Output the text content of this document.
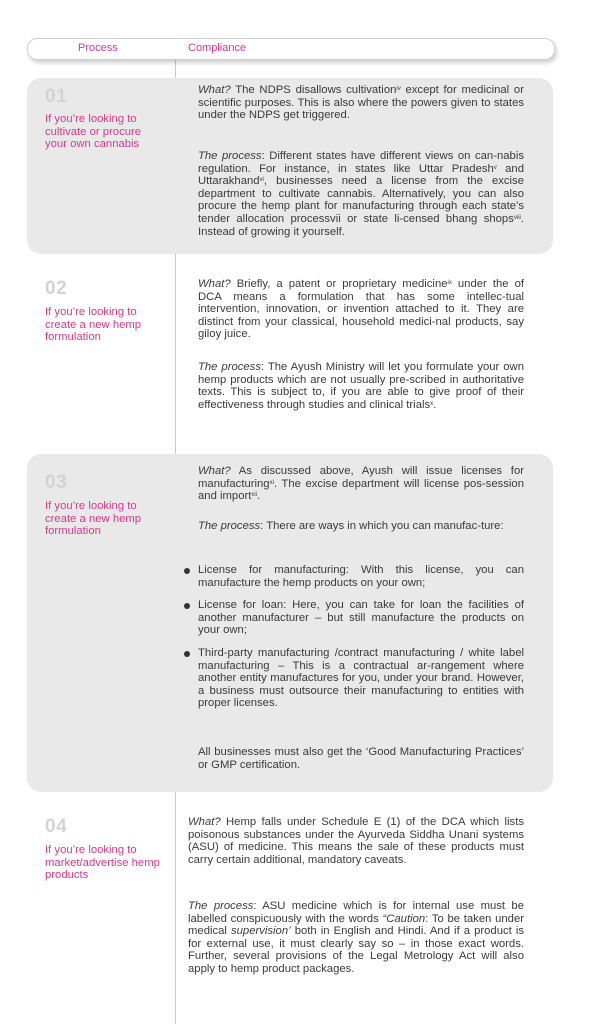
Process	Compliance
01
If you’re looking to cultivate or procure your own cannabis
What? The NDPS disallows cultivation$^{iv}$ except for medicinal or scientific purposes. This is also where the powers given to states under the NDPS get triggered.
The process: Different states have different views on can-nabis regulation. For instance, in states like Uttar Pradesh$^v$ and Uttarakhand$^{vi}$, businesses need a license from the excise department to cultivate cannabis. Alternatively, you can also procure the hemp plant for manufacturing through each state’s tender allocation processvii or state li-censed bhang shops$^{viii}$. Instead of growing it yourself.
02
If you’re looking to create a new hemp formulation
What? Briefly, a patent or proprietary medicine$^{ix}$ under the of DCA means a formulation that has some intellec-tual intervention, innovation, or invention attached to it. They are distinct from your classical, household medici-nal products, say giloy juice.
The process: The Ayush Ministry will let you formulate your own hemp products which are not usually pre-scribed in authoritative texts. This is subject to, if you are able to give proof of their effectiveness through studies and clinical trials$^x$.
03
If you’re looking to create a new hemp formulation
What? As discussed above, Ayush will issue licenses for manufacturing$^{xi}$. The excise department will license pos-session and import$^{xii}$.
The process: There are ways in which you can manufac-ture:
License for manufacturing: With this license, you can manufacture the hemp products on your own;
License for loan: Here, you can take for loan the facilities of another manufacturer – but still manufacture the products on your own;
Third-party manufacturing /contract manufacturing / white label manufacturing – This is a contractual ar-rangement where another entity manufactures for you, under your brand. However, a business must outsource their manufacturing to entities with proper licenses.
All businesses must also get the ‘Good Manufacturing Practices’ or GMP certification.
04
If you’re looking to market/advertise hemp products
What? Hemp falls under Schedule E (1) of the DCA which lists poisonous substances under the Ayurveda Siddha Unani systems (ASU) of medicine. This means the sale of these products must carry certain additional, mandatory caveats.
The process: ASU medicine which is for internal use must be labelled conspicuously with the words “Caution: To be taken under medical supervision’ both in English and Hindi. And if a product is for external use, it must clearly say so – in those exact words. Further, several provisions of the Legal Metrology Act will also apply to hemp product packages.
